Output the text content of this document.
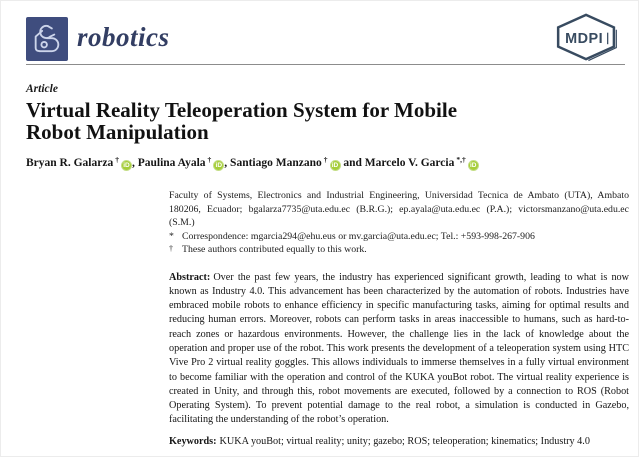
robotics	MDPI
Article
Virtual Reality Teleoperation System for Mobile
Robot Manipulation
Bryan R. Galarza †iD , Paulina Ayala †iD , Santiago Manzano †iD and Marcelo V. Garcia *,†iD

Faculty of Systems, Electronics and Industrial Engineering, Universidad Tecnica de Ambato (UTA), Ambato 180206, Ecuador; bgalarza7735@uta.edu.ec (B.R.G.); ep.ayala@uta.edu.ec (P.A.); victorsmanzano@uta.edu.ec (S.M.)

* Correspondence: mgarcia294@ehu.eus or mv.garcia@uta.edu.ec; Tel.: +593-998-267-906
† These authors contributed equally to this work.

Abstract: Over the past few years, the industry has experienced significant growth, leading to what is now known as Industry 4.0. This advancement has been characterized by the automation of robots. Industries have embraced mobile robots to enhance efficiency in specific manufacturing tasks, aiming for optimal results and reducing human errors. Moreover, robots can perform tasks in areas inaccessible to humans, such as hard-to-reach zones or hazardous environments. However, the challenge lies in the lack of knowledge about the operation and proper use of the robot. This work presents the development of a teleoperation system using HTC Vive Pro 2 virtual reality goggles. This allows individuals to immerse themselves in a fully virtual environment to become familiar with the operation and control of the KUKA youBot robot. The virtual reality experience is created in Unity, and through this, robot movements are executed, followed by a connection to ROS (Robot Operating System). To prevent potential damage to the real robot, a simulation is conducted in Gazebo, facilitating the understanding of the robot’s operation.

Keywords: KUKA youBot; virtual reality; unity; gazebo; ROS; teleoperation; kinematics; Industry 4.0
